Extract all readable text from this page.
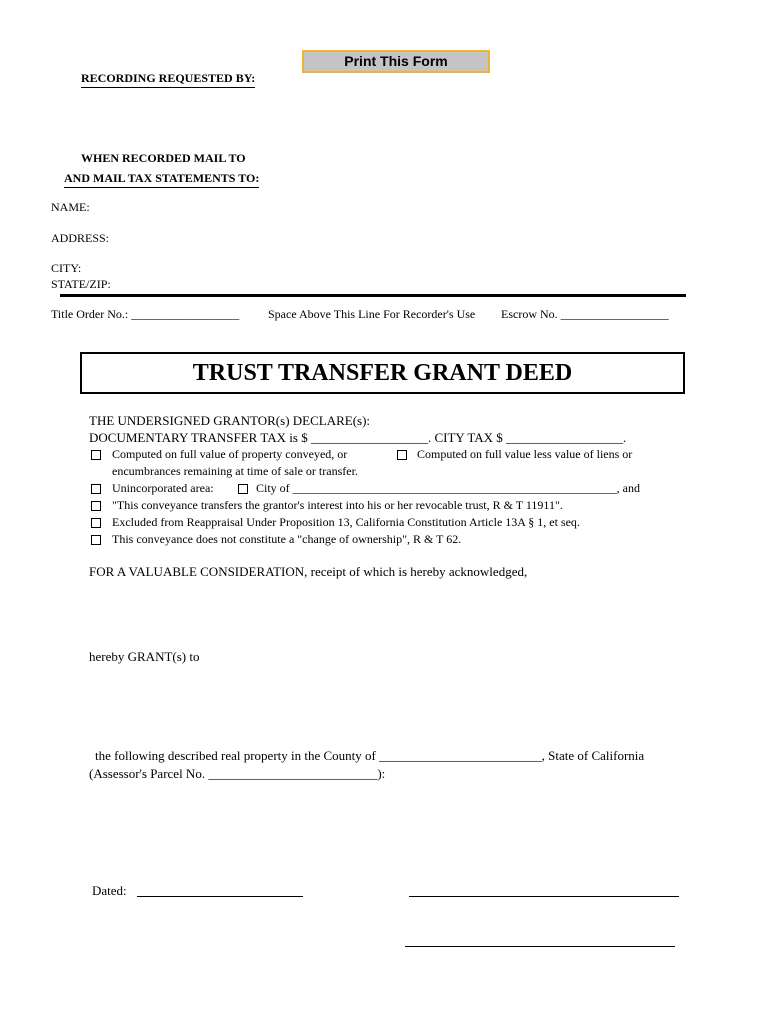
Print This Form
RECORDING REQUESTED BY:
WHEN RECORDED MAIL TO
AND MAIL TAX STATEMENTS TO:
NAME:
ADDRESS:
CITY:
STATE/ZIP:
Title Order No.: __________________ Space Above This Line For Recorder's Use Escrow No. __________________
TRUST TRANSFER GRANT DEED
THE UNDERSIGNED GRANTOR(s) DECLARE(s):
DOCUMENTARY TRANSFER TAX is $ __________________. CITY TAX $ __________________.
Computed on full value of property conveyed, or	Computed on full value less value of liens or
encumbrances remaining at time of sale or transfer.
Unincorporated area:	City of ______________________________________________________, and
"This conveyance transfers the grantor's interest into his or her revocable trust, R & T 11911".
Excluded from Reappraisal Under Proposition 13, California Constitution Article 13A § 1, et seq.
This conveyance does not constitute a "change of ownership", R & T 62.
FOR A VALUABLE CONSIDERATION, receipt of which is hereby acknowledged,
hereby GRANT(s) to
the following described real property in the County of _________________________, State of California
(Assessor's Parcel No. __________________________):
Dated:
